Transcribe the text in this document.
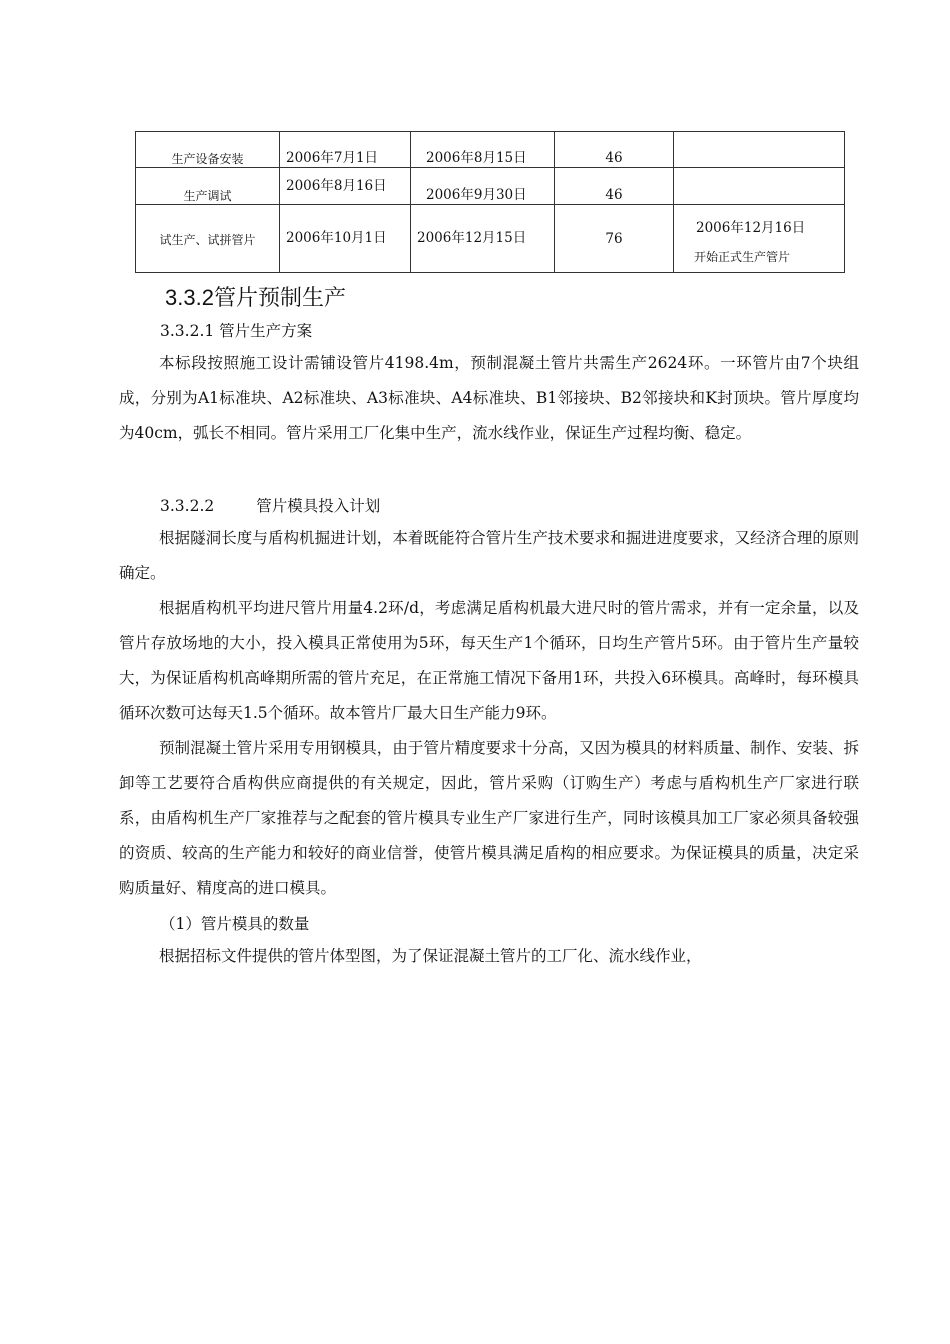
生产设备安装	2006年7月1日	2006年8月15日	46	

生产调试	2006年8月16日	2006年9月30日	46	

试生产、试拼管片	2006年10月1日	2006年12月15日	76	2006年12月16日
开始正式生产管片
3.3.2管片预制生产
3.3.2.1 管片生产方案

本标段按照施工设计需铺设管片4198.4m，预制混凝土管片共需生产2624环。一环管片由7个块组成，分别为A1标准块、A2标准块、A3标准块、A4标准块、B1邻接块、B2邻接块和K封顶块。管片厚度均为40cm，弧长不相同。管片采用工厂化集中生产，流水线作业，保证生产过程均衡、稳定。

3.3.2.2	管片模具投入计划

根据隧洞长度与盾构机掘进计划，本着既能符合管片生产技术要求和掘进进度要求，又经济合理的原则确定。

根据盾构机平均进尺管片用量4.2环/d，考虑满足盾构机最大进尺时的管片需求，并有一定余量，以及管片存放场地的大小，投入模具正常使用为5环，每天生产1个循环，日均生产管片5环。由于管片生产量较大，为保证盾构机高峰期所需的管片充足，在正常施工情况下备用1环，共投入6环模具。高峰时，每环模具循环次数可达每天1.5个循环。故本管片厂最大日生产能力9环。

预制混凝土管片采用专用钢模具，由于管片精度要求十分高，又因为模具的材料质量、制作、安装、拆卸等工艺要符合盾构供应商提供的有关规定，因此，管片采购（订购生产）考虑与盾构机生产厂家进行联系，由盾构机生产厂家推荐与之配套的管片模具专业生产厂家进行生产，同时该模具加工厂家必须具备较强的资质、较高的生产能力和较好的商业信誉，使管片模具满足盾构的相应要求。为保证模具的质量，决定采购质量好、精度高的进口模具。

（1）管片模具的数量

根据招标文件提供的管片体型图，为了保证混凝土管片的工厂化、流水线作业，
